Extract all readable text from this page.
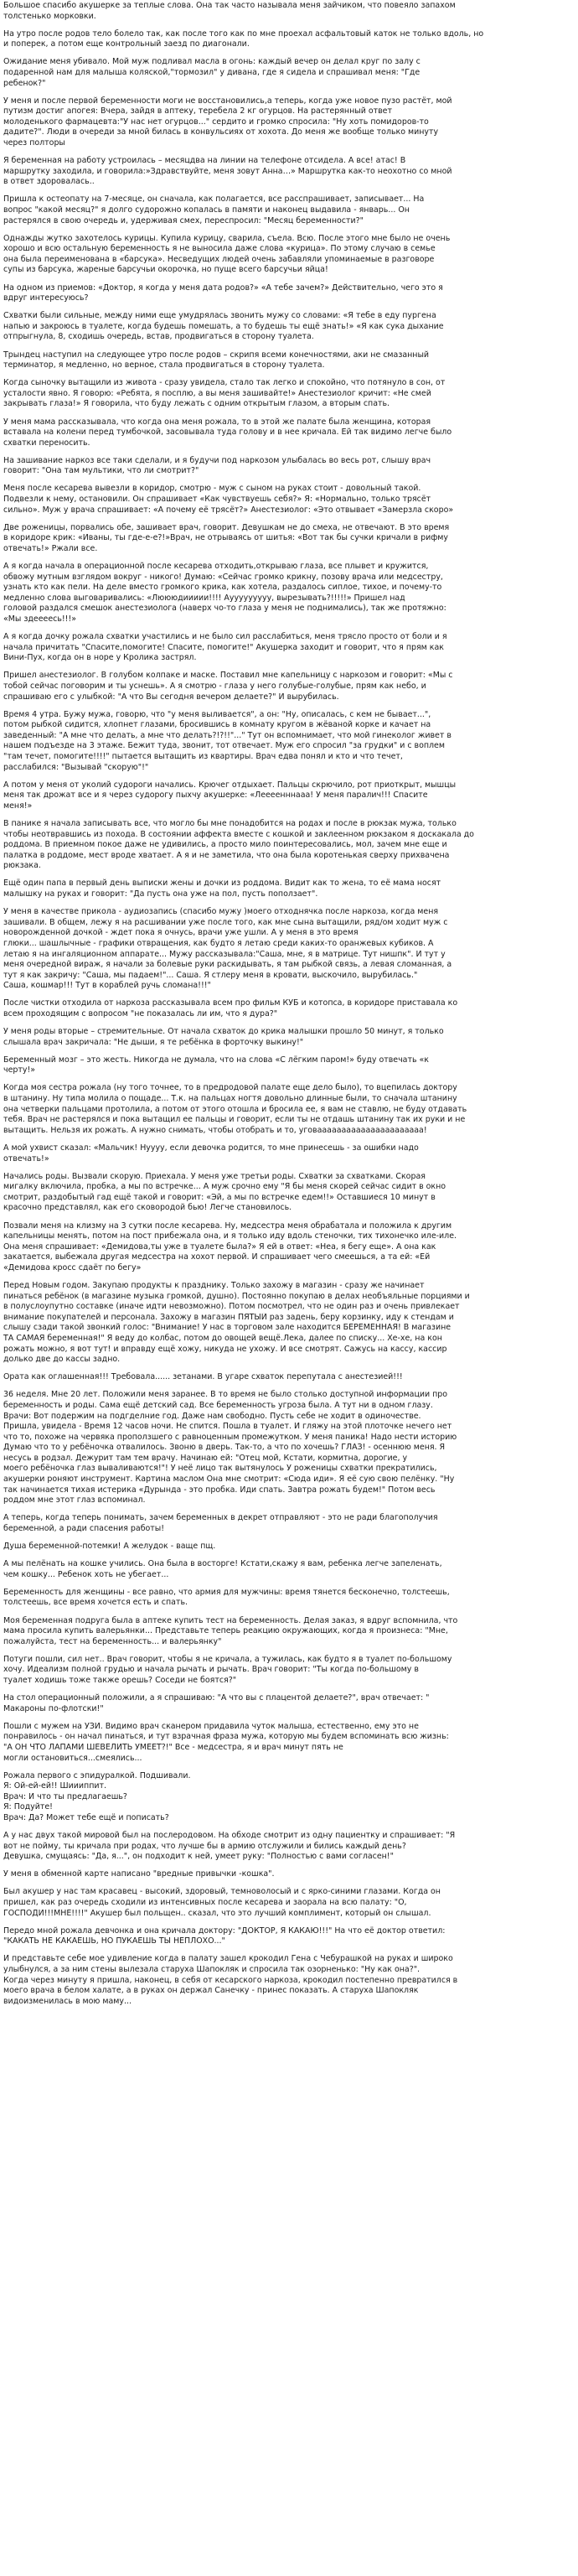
Большое спасибо акушерке за теплые слова. Она так часто называла меня зайчиком, что повеяло запахом
толстенько морковки.
На утро после родов тело болело так, как после того как по мне проехал асфальтовый каток не только вдоль, но
и поперек, а потом еще контрольный заезд по диагонали.
Ожидание меня убивало. Мой муж подливал масла в огонь: каждый вечер он делал круг по залу с
подаренной нам для малыша коляской,"тормозил" у дивана, где я сидела и спрашивал меня: "Где
ребенок?"
У меня и после первой беременности моги не восстановились,а теперь, когда уже новое пузо растёт, мой
путизм достиг апогея: Вчера, зайдя в аптеку, теребела 2 кг огурцов. На растерянный ответ
молоденького фармацевта:"У нас нет огурцов..." сердито и громко спросила: "Ну хоть помидоров-то
дадите?". Люди в очереди за мной билась в конвульсиях от хохота. До меня же вообще только минуту
через полторы
Я беременная на работу устроилась – месяцдва на линии на телефоне отсидела. А все! атас! В
маршрутку заходила, и говорила:»Здравствуйте, меня зовут Анна…» Маршрутка как-то неохотно со мной
в ответ здоровалась..
Пришла к остеопату на 7-месяце, он сначала, как полагается, все расспрашивает, записывает... На
вопрос "какой месяц?" я долго судорожно копалась в памяти и наконец выдавила - январь... Он
растерялся в свою очередь и, удерживая смех, переспросил: "Месяц беременности?"
Однажды жутко захотелось курицы. Купила курицу, сварила, съела. Всю. После этого мне было не очень
хорошо и всю остальную беременность я не выносила даже слова «курица». По этому случаю в семье
она была переименована в «барсука». Несведущих людей очень забавляли упоминаемые в разговоре
супы из барсука, жареные барсучьи окорочка, но пуще всего барсучьи яйца!
На одном из приемов: «Доктор, я когда у меня дата родов?» «А тебе зачем?» Действительно, чего это я
вдруг интересуюсь?
Схватки были сильные, между ними еще умудрялась звонить мужу со словами: «Я тебе в еду пургена
напью и закроюсь в туалете, когда будешь помешать, а то будешь ты ещё знать!» «Я как сука дыхание
отпрыгнула, 8, сходишь очередь, встав, продвигаться в сторону туалета.
Трындец наступил на следующее утро после родов – скрипя всеми конечностями, аки не смазанный
терминатор, я медленно, но верное, стала продвигаться в сторону туалета.
Когда сыночку вытащили из живота - сразу увидела, стало так легко и спокойно, что потянуло в сон, от
усталости явно. Я говорю: «Ребята, я посплю, а вы меня зашивайте!» Анестезиолог кричит: «Не смей
закрывать глаза!» Я говорила, что буду лежать с одним открытым глазом, а вторым спать.
У меня мама рассказывала, что когда она меня рожала, то в этой же палате была женщина, которая
вставала на колени перед тумбочкой, засовывала туда голову и в нее кричала. Ей так видимо легче было
схватки переносить.
На зашивание наркоз все таки сделали, и я будучи под наркозом улыбалась во весь рот, слышу врач
говорит: "Она там мультики, что ли смотрит?"
Меня после кесарева вывезли в коридор, смотрю - муж с сыном на руках стоит - довольный такой.
Подвезли к нему, остановили. Он спрашивает «Как чувствуешь себя?» Я: «Нормально, только трясёт
сильно». Муж у врача спрашивает: «А почему её трясёт?» Анестезиолог: «Это отвывает «Замерзла скоро»
Две роженицы, порвались обе, зашивает врач, говорит. Девушкам не до смеха, не отвечают. В это время
в коридоре крик: «Иваны, ты где-е-е?!»Врач, не отрываясь от шитья: «Вот так бы сучки кричали в рифму
отвечать!» Ржали все.
А я когда начала в операционной после кесарева отходить,открываю глаза, все плывет и кружится,
обвожу мутным взглядом вокруг - никого! Думаю: «Сейчас громко крикну, позову врача или медсестру,
узнать кто как пели. На деле вместо громкого крика, как хотела, раздалось сиплое, тихое, и почему-то
медленно слова выговаривались: «Люююдиииии!!!! Аууууууууу, вырезывать?!!!!!» Пришел над
головой раздался смешок анестезиолога (наверх чо-то глаза у меня не поднимались), так же протяжно:
«Мы здеееесь!!!»
А я когда дочку рожала схватки участились и не было сил расслабиться, меня трясло просто от боли и я
начала причитать "Спасите,помогите! Спасите, помогите!" Акушерка заходит и говорит, что я прям как
Вини-Пух, когда он в норе у Кролика застрял.
Пришел анестезиолог. В голубом колпаке и маске. Поставил мне капельницу с наркозом и говорит: «Мы с
тобой сейчас поговорим и ты уснешь». А я смотрю - глаза у него голубые-голубые, прям как небо, и
спрашиваю его с улыбкой: "А что Вы сегодня вечером делаете?" И вырубилась.
Время 4 утра. Бужу мужа, говорю, что "у меня выливается", а он: "Ну, описалась, с кем не бывает...",
потом рыбкой сидится, хлопнет глазами, бросившись в комнату кругом в жёваной корке и качает на
заведенный: "А мне что делать, а мне что делать?!?!!"..." Тут он вспомнимает, что мой гинеколог живет в
нашем подъезде на 3 этаже. Бежит туда, звонит, тот отвечает. Муж его спросил "за грудки" и с воплем
"там течет, помогите!!!!" пытается вытащить из квартиры. Врач едва понял и кто и что течет,
расслабился: "Вызывай "скорую"!"
А потом у меня от уколий судороги начались. Крючег отдыхает. Пальцы скрючило, рот приоткрыт, мышцы
меня так дрожат все и я через судорогу пыхчу акушерке: «Леееенннааа! У меня паралич!!! Спасите
меня!»
В панике я начала записывать все, что могло бы мне понадобится на родах и после в рюкзак мужа, только
чтобы неотвравшись из похода. В состоянии аффекта вместе с кошкой и заклеенном рюкзаком я доскакала до
роддома. В приемном покое даже не удивились, а просто мило поинтересовались, мол, зачем мне еще и
палатка в роддоме, мест вроде хватает. А я и не заметила, что она была коротенькая сверху прихвачена
рюкзака.
Ещё один папа в первый день выписки жены и дочки из роддома. Видит как то жена, то её мама носят
малышку на руках и говорит: "Да пусть она уже на пол, пусть поползает".
У меня в качестве прикола - аудиозапись (спасибо мужу )моего отходнячка после наркоза, когда меня
зашивали. В общем, лежу я на расшивании уже после того, как мне сына вытащили, ряд/ом ходит муж с
новорожденной дочкой - ждет пока я очнусь, врачи уже ушли. А у меня в это время
глюки... шашлычные - графики отвращения, как будто я летаю среди каких-то оранжевых кубиков. А
летаю я на ингаляционном аппарате... Мужу рассказывала:"Саша, мне, я в матрице. Тут нишпк". И тут у
меня очередной вираж, я начали за болевые руки раскидывать, я там рыбкой связь, а левая сломанная, а
тут я как закричу: "Саша, мы падаем!"... Саша. Я стлеру меня в кровати, выскочило, вырубилась."
Саша, кошмар!!! Тут в кораблей ручь сломана!!!"
После чистки отходила от наркоза рассказывала всем про фильм КУБ и котопса, в коридоре приставала ко
всем проходящим с вопросом "не показалась ли им, что я дура?"
У меня роды вторые – стремительные. От начала схваток до крика малышки прошло 50 минут, я только
слышала врач закричала: "Не дыши, я те ребёнка в форточку выкину!"
Беременный мозг – это жесть. Никогда не думала, что на слова «С лёгким паром!» буду отвечать «к
черту!»
Когда моя сестра рожала (ну того точнее, то в предродовой палате еще дело было), то вцепилась доктору
в штанину. Ну типа молила о пощаде... Т.к. на пальцах ногтя довольно длинные были, то сначала штанину
она четверки пальцами протолила, а потом от этого отошла и бросила ее, я вам не ставлю, не буду отдавать
тебя. Врач не растерялся и пока вытащил ее пальцы и говорит, если ты не отдашь штанину так их руки и не
вытащить. Нельзя их рожать. А нужно снимать, чтобы отобрать и то, уговаааааааааааааааааааааа!
А мой ухвист сказал: «Мальчик! Нуууу, если девочка родится, то мне принесешь - за ошибки надо
отвечать!»
Начались роды. Вызвали скорую. Приехала. У меня уже третьи роды. Схватки за схватками. Скорая
мигалку включила, пробка, а мы по встречке... А муж срочно ему "Я бы меня скорей сейчас сидит в окно
смотрит, раздобытый гад ещё такой и говорит: «Эй, а мы по встречке едем!!» Оставшиеся 10 минут в
красочно представлял, как его сковородой бью! Легче становилось.
Позвали меня на клизму на 3 сутки после кесарева. Ну, медсестра меня обрабатала и положила к другим
капельницы менять, потом на пост прибежала она, и я только иду вдоль стеночки, тих тихонечко иле-иле.
Она меня спрашивает: «Демидова,ты уже в туалете была?» Я ей в ответ: «Неа, я бегу еще». А она как
закатается, выбежала другая медсестра на хохот первой. И спрашивает чего смеешься, а та ей: «Ей
«Демидова кросс сдаёт по бегу»
Перед Новым годом. Закупаю продукты к празднику. Только захожу в магазин - сразу же начинает
пинаться ребёнок (в магазине музыка громкой, душно). Постоянно покупаю в делах необъяльные порциями и
в полуслоупутно составке (иначе идти невозможно). Потом посмотрел, что не один раз и очень привлекает
внимание покупателей и персонала. Захожу в магазин ПЯТЫЙ раз задень, беру корзинку, иду к стендам и
слышу сзади такой звонкий голос: "Внимание! У нас в торговом зале находится БЕРЕМЕННАЯ! В магазине
ТА САМАЯ беременная!" Я веду до колбас, потом до овощей вещё.Лека, далее по списку... Хе-хе, на кон
рожать можно, я вот тут! и вправду ещё хожу, никуда не ухожу. И все смотрят. Сажусь на кассу, кассир
долько две до кассы задно.
Ората как оглашенная!!! Требовала...... зетанами. В угаре схваток перепутала с анестезией!!!
36 неделя. Мне 20 лет. Положили меня заранее. В то время не было столько доступной информации про
беременность и роды. Сама ещё детский сад. Все беременность угроза была. А тут ни в одном глазу.
Врачи: Вот подержим на подгделние год. Даже нам свободно. Пусть себе не ходит в одиночестве.
Пришла, увидела - Время 12 часов ночи. Не спится. Пошла в туалет. И гляжу на этой плоточке нечего нет
что то, похоже на червяка проползшего с равноценным промежутком. У меня паника! Надо нести историю
Думаю что то у ребёночка отвалилось. Звоню в дверь. Так-то, а что по хочешь? ГЛАЗ! - осеннюю меня. Я
несусь в родзал. Дежурит там тем врачу. Начинаю ей: "Отец мой, Кстати, кормитна, дорогие, у
моего ребёночка глаз вываливаются!"! У неё лицо так вытянулось У роженицы схватки прекратились,
акушерки роняют инструмент. Картина маслом Она мне смотрит: «Сюда иди». Я её сую свою пелёнку. "Ну
так начинается тихая истерика «Дурында - это пробка. Иди спать. Завтра рожать будем!" Потом весь
роддом мне этот глаз вспоминал.
А теперь, когда теперь понимать, зачем беременных в декрет отправляют - это не ради благополучия
беременной, а ради спасения работы!
Душа беременной-потемки! А желудок - ваще пщ.
А мы пелёнать на кошке учились. Она была в восторге! Кстати,скажу я вам, ребенка легче запеленать,
чем кошку... Ребенок хоть не убегает...
Беременность для женщины - все равно, что армия для мужчины: время тянется бесконечно, толстеешь,
толстеешь, все время хочется есть и спать.
Моя беременная подруга была в аптеке купить тест на беременность. Делая заказ, я вдруг вспомнила, что
мама просила купить валерьянки... Представьте теперь реакцию окружающих, когда я произнеса: "Мне,
пожалуйста, тест на беременность... и валерьянку"
Потуги пошли, сил нет.. Врач говорит, чтобы я не кричала, а тужилась, как будто я в туалет по-большому
хочу. Идеализм полной грудью и начала рычать и рычать. Врач говорит: "Ты когда по-большому в
туалет ходишь тоже также орешь? Соседи не боятся?"
На стол операционный положили, а я спрашиваю: "А что вы с плацентой делаете?", врач отвечает: "
Макароны по-флотски!"
Пошли с мужем на УЗИ. Видимо врач сканером придавила чуток малыша, естественно, ему это не
понравилось - он начал пинаться, и тут взрачная фраза мужа, которую мы будем вспоминать всю жизнь:
"А ОН ЧТО ЛАПАМИ ШЕВЕЛИТЬ УМЕЕТ?!" Все - медсестра, я и врач минут пять не
могли остановиться...смеялись...
Рожала первого с эпидуралкой. Подшивали.
Я: Ой-ей-ей!! Шиииппит.
Врач: И что ты предлагаешь?
Я: Подуйте!
Врач: Да? Может тебе ещё и пописать?
А у нас двух такой мировой был на послеродовом. На обходе смотрит из одну пациентку и спрашивает: "Я
вот не пойму, ты кричала при родах, что лучше бы в армию отслужили и бились каждый день?
Девушка, смущаясь: "Да, я...", он подходит к ней, умеет руку: "Полностью с вами согласен!"
У меня в обменной карте написано "вредные привычки -кошка".
Был акушер у нас там красавец - высокий, здоровый, темноволосый и с ярко-синими глазами. Когда он
пришел, как раз очередь сходили из интенсивных после кесарева и заорала на всю палату: "О,
ГОСПОДИ!!!МНЕ!!!!" Акушер был польщен.. сказал, что это лучший комплимент, который он слышал.
Передо мной рожала девчонка и она кричала доктору: "ДОКТОР, Я КАКАЮ!!!" На что её доктор ответил:
"КАКАТЬ НЕ КАКАЕШЬ, НО ПУКАЕШЬ ТЫ НЕПЛОХО..."
И представьте себе мое удивление когда в палату зашел крокодил Гена с Чебурашкой на руках и широко
улыбнулся, а за ним стены вылезала старуха Шапокляк и спросила так озорненько: "Ну как она?".
Когда через минуту я пришла, наконец, в себя от кесарского наркоза, крокодил постепенно превратился в
моего врача в белом халате, а в руках он держал Санечку - принес показать. А старуха Шапокляк
видоизменилась в мою маму...
